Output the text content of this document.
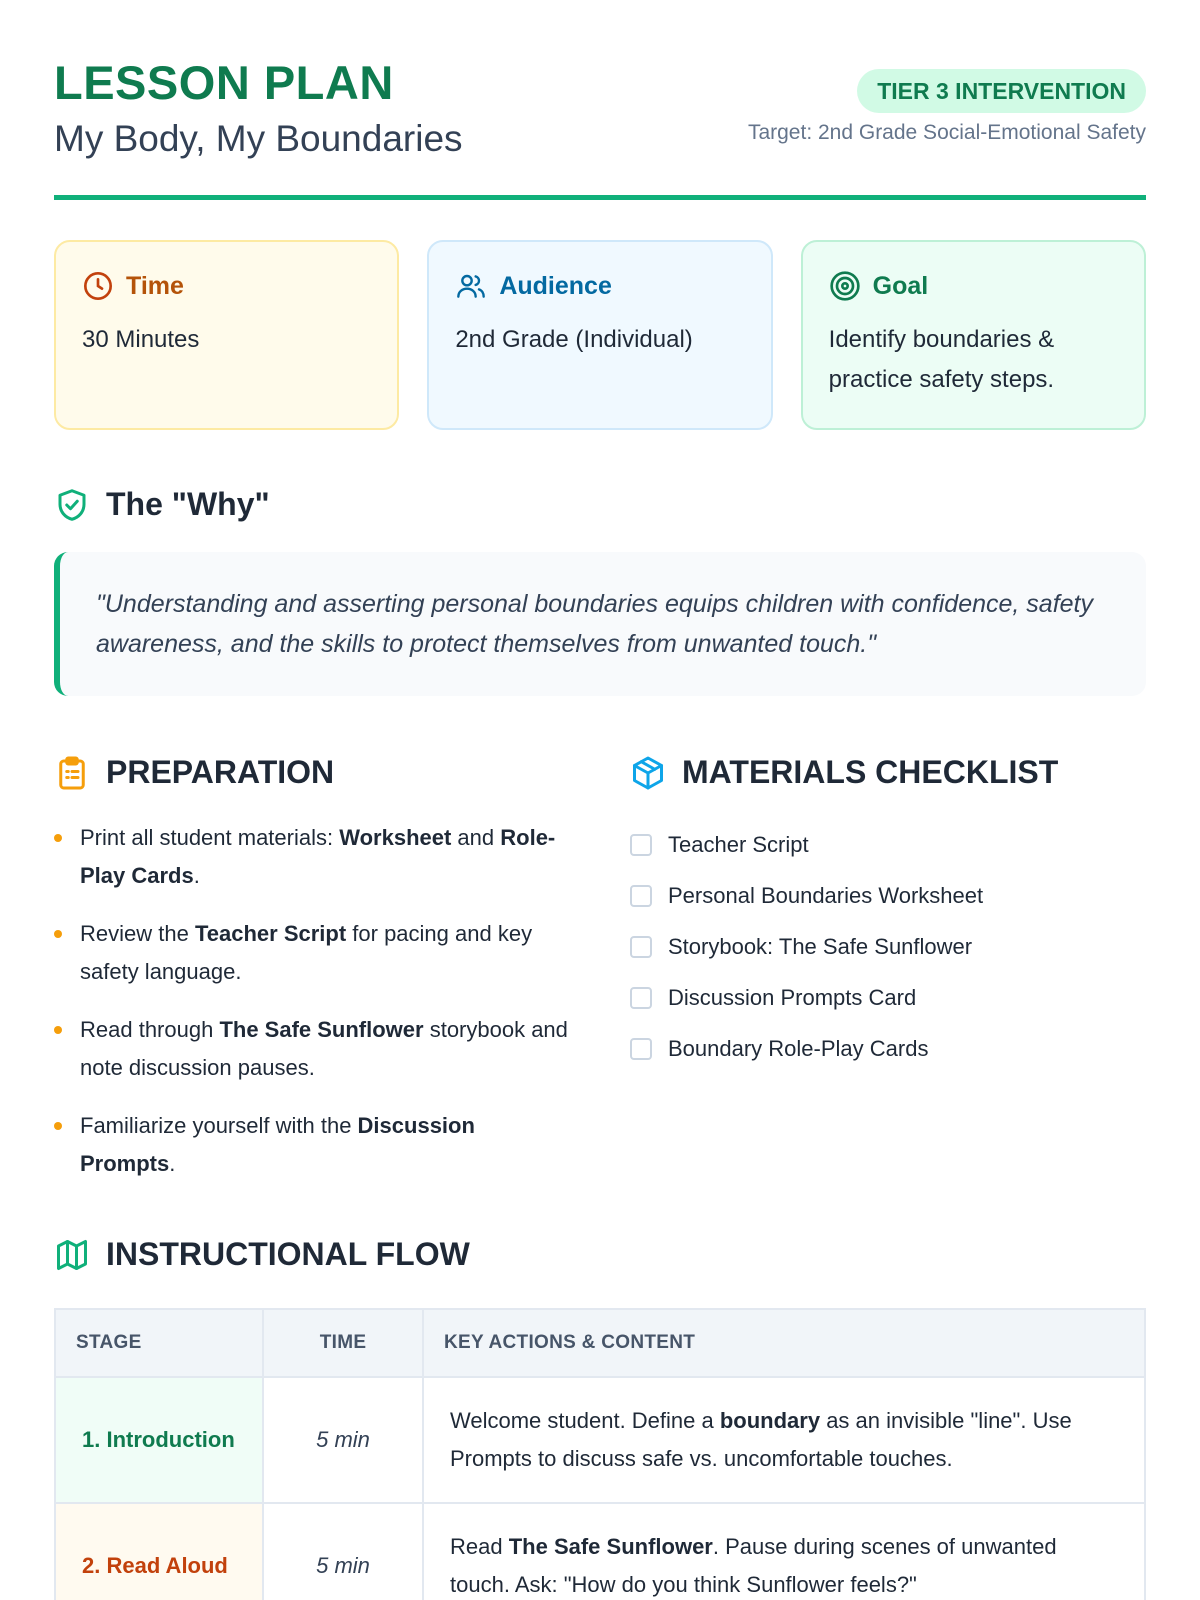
LESSON PLAN
My Body, My Boundaries
TIER 3 INTERVENTION
Target: 2nd Grade Social-Emotional Safety
Time
30 Minutes
Audience
2nd Grade (Individual)
Goal
Identify boundaries & practice safety steps.
The "Why"
"Understanding and asserting personal boundaries equips children with confidence, safety awareness, and the skills to protect themselves from unwanted touch."
PREPARATION
Print all student materials: Worksheet and Role-Play Cards.
Review the Teacher Script for pacing and key safety language.
Read through The Safe Sunflower storybook and note discussion pauses.
Familiarize yourself with the Discussion Prompts.
MATERIALS CHECKLIST
Teacher Script
Personal Boundaries Worksheet
Storybook: The Safe Sunflower
Discussion Prompts Card
Boundary Role-Play Cards
INSTRUCTIONAL FLOW
STAGE	TIME	KEY ACTIONS & CONTENT
1. Introduction	5 min	Welcome student. Define a boundary as an invisible "line". Use Prompts to discuss safe vs. uncomfortable touches.
2. Read Aloud	5 min	Read The Safe Sunflower. Pause during scenes of unwanted touch. Ask: "How do you think Sunflower feels?"
